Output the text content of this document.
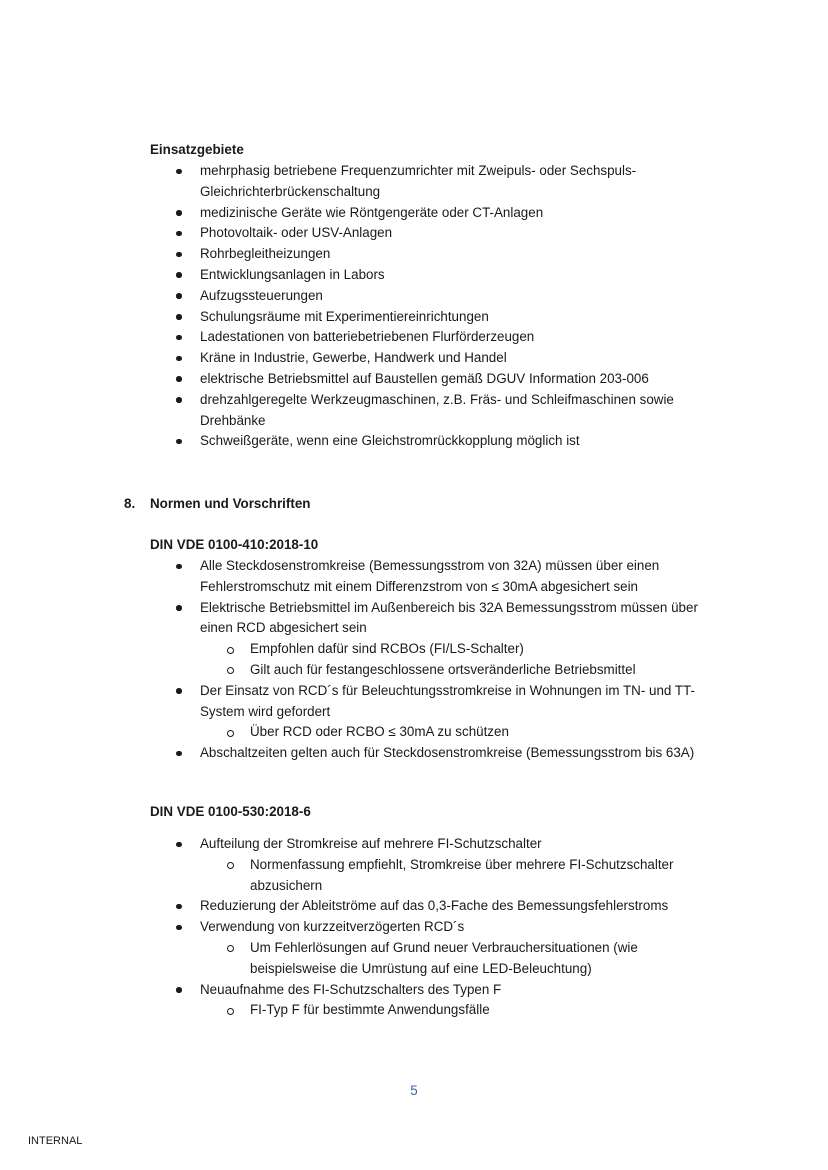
Einsatzgebiete
mehrphasig betriebene Frequenzumrichter mit Zweipuls- oder Sechspuls-Gleichrichterbrückenschaltung
medizinische Geräte wie Röntgengeräte oder CT-Anlagen
Photovoltaik- oder USV-Anlagen
Rohrbegleitheizungen
Entwicklungsanlagen in Labors
Aufzugssteuerungen
Schulungsräume mit Experimentiereinrichtungen
Ladestationen von batteriebetriebenen Flurförderzeugen
Kräne in Industrie, Gewerbe, Handwerk und Handel
elektrische Betriebsmittel auf Baustellen gemäß DGUV Information 203-006
drehzahlgeregelte Werkzeugmaschinen, z.B. Fräs- und Schleifmaschinen sowie Drehbänke
Schweißgeräte, wenn eine Gleichstromrückkopplung möglich ist
8. Normen und Vorschriften
DIN VDE 0100-410:2018-10
Alle Steckdosenstromkreise (Bemessungsstrom von 32A) müssen über einen Fehlerstromschutz mit einem Differenzstrom von ≤ 30mA abgesichert sein
Elektrische Betriebsmittel im Außenbereich bis 32A Bemessungsstrom müssen über einen RCD abgesichert sein
Empfohlen dafür sind RCBOs (FI/LS-Schalter)
Gilt auch für festangeschlossene ortsveränderliche Betriebsmittel
Der Einsatz von RCD´s für Beleuchtungsstromkreise in Wohnungen im TN- und TT-System wird gefordert
Über RCD oder RCBO ≤ 30mA zu schützen
Abschaltzeiten gelten auch für Steckdosenstromkreise (Bemessungsstrom bis 63A)
DIN VDE 0100-530:2018-6
Aufteilung der Stromkreise auf mehrere FI-Schutzschalter
Normenfassung empfiehlt, Stromkreise über mehrere FI-Schutzschalter abzusichern
Reduzierung der Ableitströme auf das 0,3-Fache des Bemessungsfehlerstroms
Verwendung von kurzzeitverzögerten RCD´s
Um Fehlerlösungen auf Grund neuer Verbrauchersituationen (wie beispielsweise die Umrüstung auf eine LED-Beleuchtung)
Neuaufnahme des FI-Schutzschalters des Typen F
FI-Typ F für bestimmte Anwendungsfälle
5
INTERNAL
